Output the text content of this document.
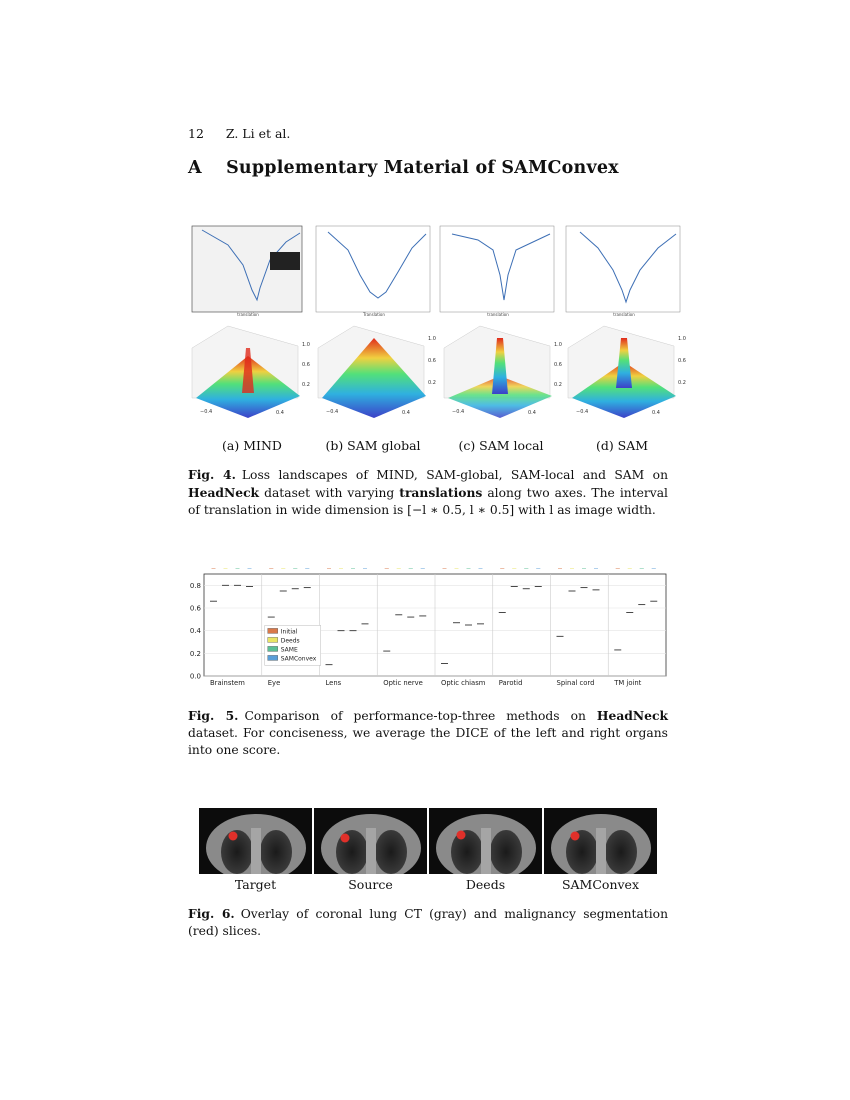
12 Z. Li et al.
A Supplementary Material of SAMConvex
translation	Translation	translation	translation
−0.4	0.4
1.0
0.6
0.2
−0.4	0.4
1.0
0.6
0.2
−0.4	0.4
1.0
0.6
0.2
−0.4	0.4
1.0
0.6
0.2
(a) MIND	(b) SAM global	(c) SAM local	(d) SAM
Fig. 4. Loss landscapes of MIND, SAM-global, SAM-local and SAM on HeadNeck dataset with varying translations along two axes. The interval of translation in wide dimension is [−l ∗ 0.5, l ∗ 0.5] with l as image width.
0.0
0.2
0.4
0.6
0.8
Brainstem	Eye	Lens	Optic nerve	Optic chiasm Parotid	Spinal cord	TM joint
Initial
Deeds
SAME
SAMConvex
Fig. 5. Comparison of performance-top-three methods on HeadNeck dataset. For conciseness, we average the DICE of the left and right organs into one score.
Target	Source	Deeds	SAMConvex
Fig. 6. Overlay of coronal lung CT (gray) and malignancy segmentation (red) slices.
